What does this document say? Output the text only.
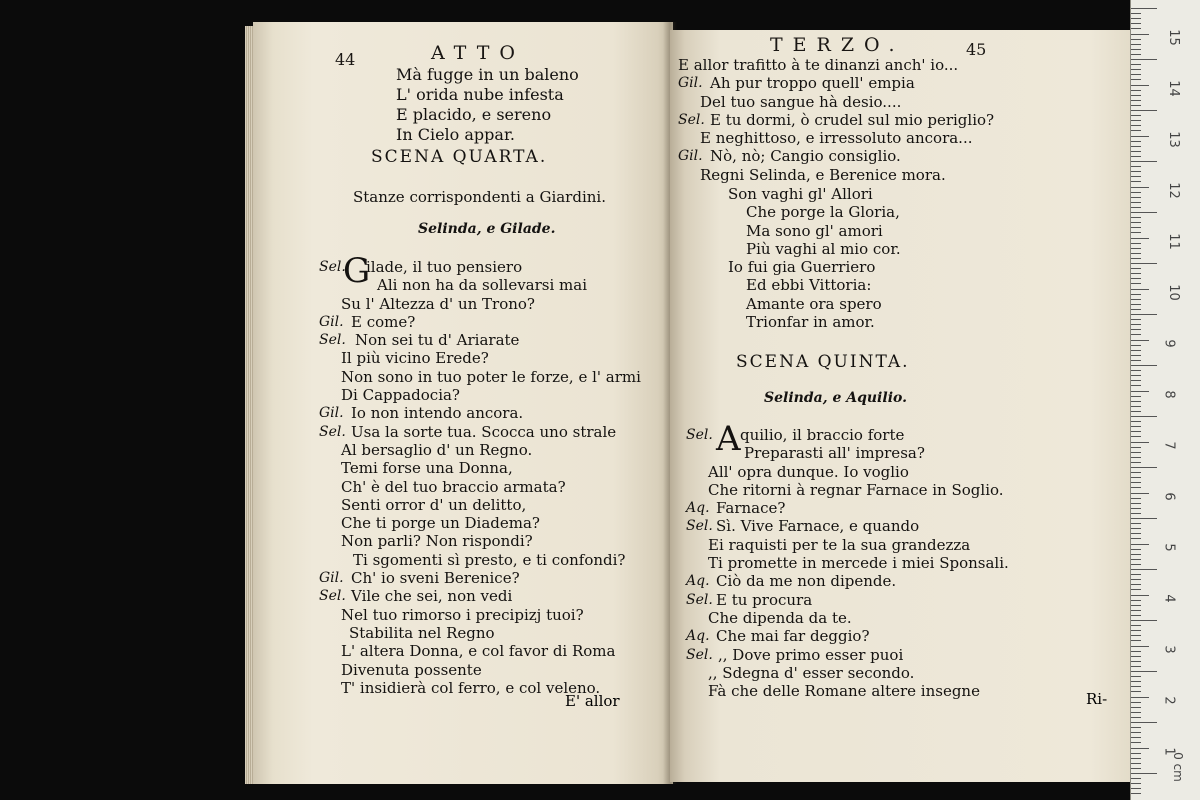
44	ATTO
Mà fugge in un baleno
L' orida nube infesta
E placido, e sereno
In Cielo appar.
SCENA QUARTA.
Stanze corrispondenti a Giardini.
Selinda, e Gilade.
Sel.
G
ilade, il tuo pensiero
Ali non ha da sollevarsi mai
Su l' Altezza d' un Trono?
Gil. E come?
Sel. Non sei tu d' Ariarate
Il più vicino Erede?
Non sono in tuo poter le forze, e l' armi
Di Cappadocia?
Gil. Io non intendo ancora.
Sel. Usa la sorte tua. Scocca uno strale
Al bersaglio d' un Regno.
Temi forse una Donna,
Ch' è del tuo braccio armata?
Senti orror d' un delitto,
Che ti porge un Diadema?
Non parli? Non rispondi?
Ti sgomenti sì presto, e ti confondi?
Gil. Ch' io sveni Berenice?
Sel. Vile che sei, non vedi
Nel tuo rimorso i precipizj tuoi?
Stabilita nel Regno
L' altera Donna, e col favor di Roma
Divenuta possente
T' insidierà col ferro, e col veleno.
E' allor
TERZO.	45
E allor trafitto à te dinanzi anch' io...
Gil. Ah pur troppo quell' empia
Del tuo sangue hà desio....
Sel. E tu dormi, ò crudel sul mio periglio?
E neghittoso, e irressoluto ancora...
Gil. Nò, nò; Cangio consiglio.
Regni Selinda, e Berenice mora.
Son vaghi gl' Allori
Che porge la Gloria,
Ma sono gl' amori
Più vaghi al mio cor.
Io fui gia Guerriero
Ed ebbi Vittoria:
Amante ora spero
Trionfar in amor.
SCENA QUINTA.
Selinda, e Aquilio.
Sel. A quilio, il braccio forte
Preparasti all' impresa?
All' opra dunque. Io voglio
Che ritorni à regnar Farnace in Soglio.
Aq. Farnace?
Sel. Sì. Vive Farnace, e quando
Ei raquisti per te la sua grandezza
Ti promette in mercede i miei Sponsali.
Aq. Ciò da me non dipende.
Sel. E tu procura
Che dipenda da te.
Aq. Che mai far deggio?
Sel. ,, Dove primo esser puoi
,, Sdegna d' esser secondo.
Fà che delle Romane altere insegne	Ri-
15
14
13
12
11
10
9
8
7
6
5
4
3
2
1
0 cm
